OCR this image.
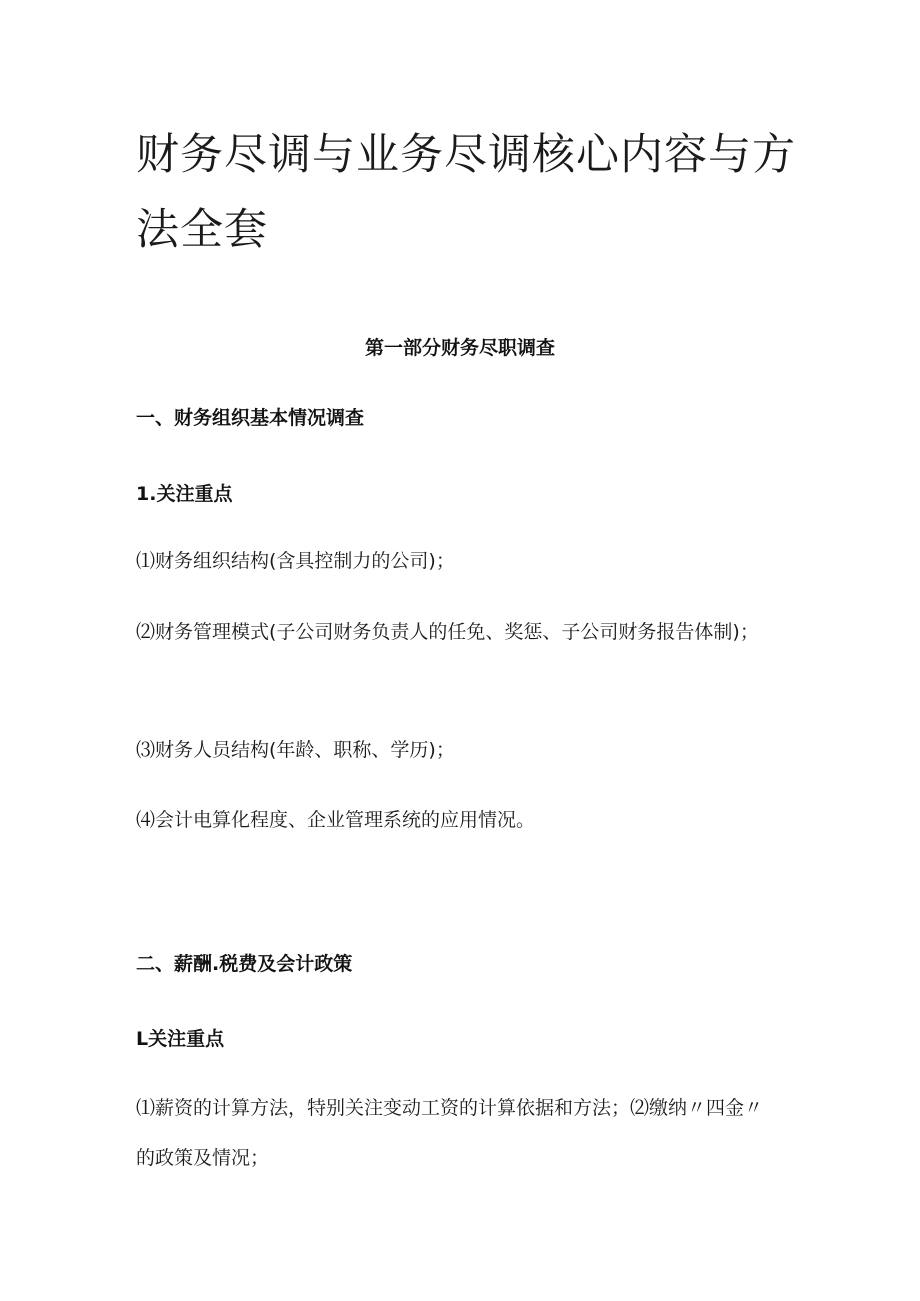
财务尽调与业务尽调核心内容与方法全套
第一部分财务尽职调查
一、财务组织基本情况调查
1.关注重点

⑴财务组织结构(含具控制力的公司)；

⑵财务管理模式(子公司财务负责人的任免、奖惩、子公司财务报告体制)；

⑶财务人员结构(年龄、职称、学历)；

⑷会计电算化程度、企业管理系统的应用情况。

二、薪酬.税费及会计政策
L关注重点

⑴薪资的计算方法，特别关注变动工资的计算依据和方法；⑵缴纳〃四金〃的政策及情况；
